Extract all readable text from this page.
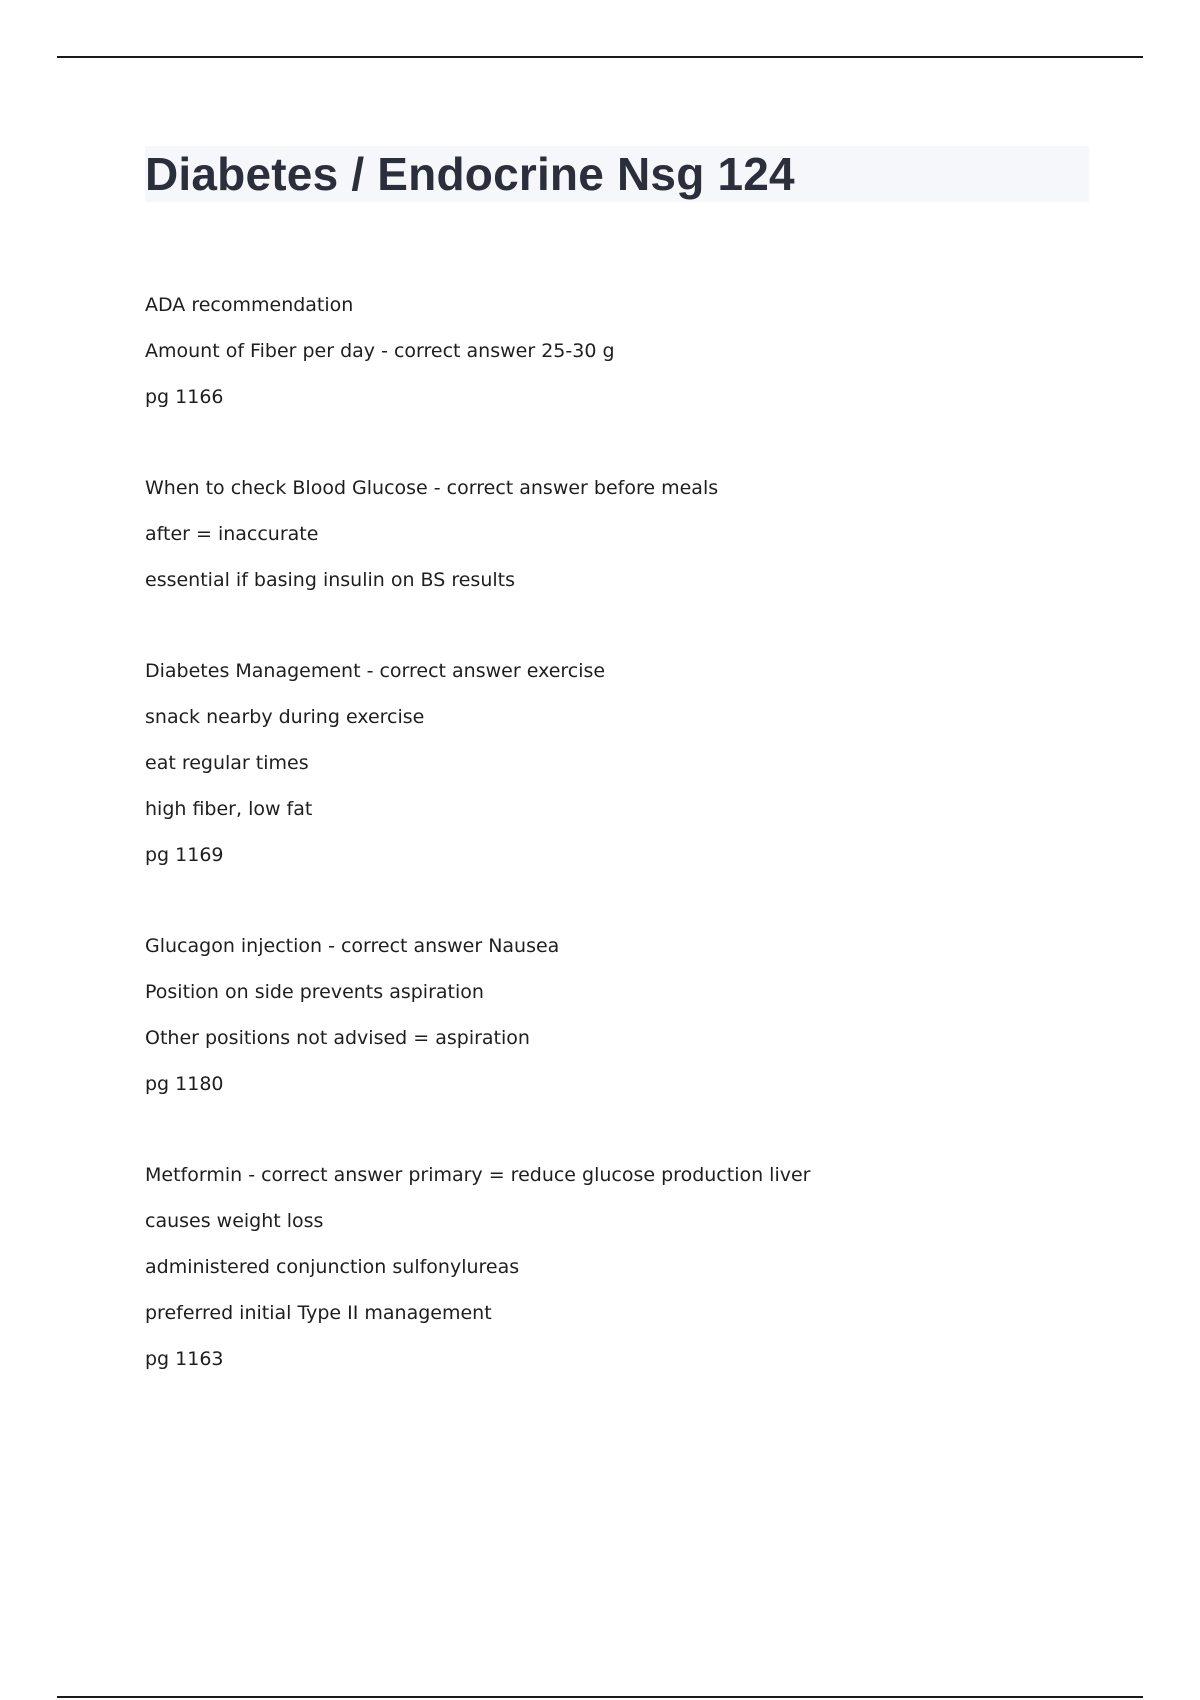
Diabetes / Endocrine Nsg 124
ADA recommendation
Amount of Fiber per day - correct answer 25-30 g
pg 1166
When to check Blood Glucose - correct answer before meals
after = inaccurate
essential if basing insulin on BS results
Diabetes Management - correct answer exercise
snack nearby during exercise
eat regular times
high fiber, low fat
pg 1169
Glucagon injection - correct answer Nausea
Position on side prevents aspiration
Other positions not advised = aspiration
pg 1180
Metformin - correct answer primary = reduce glucose production liver
causes weight loss
administered conjunction sulfonylureas
preferred initial Type II management
pg 1163
